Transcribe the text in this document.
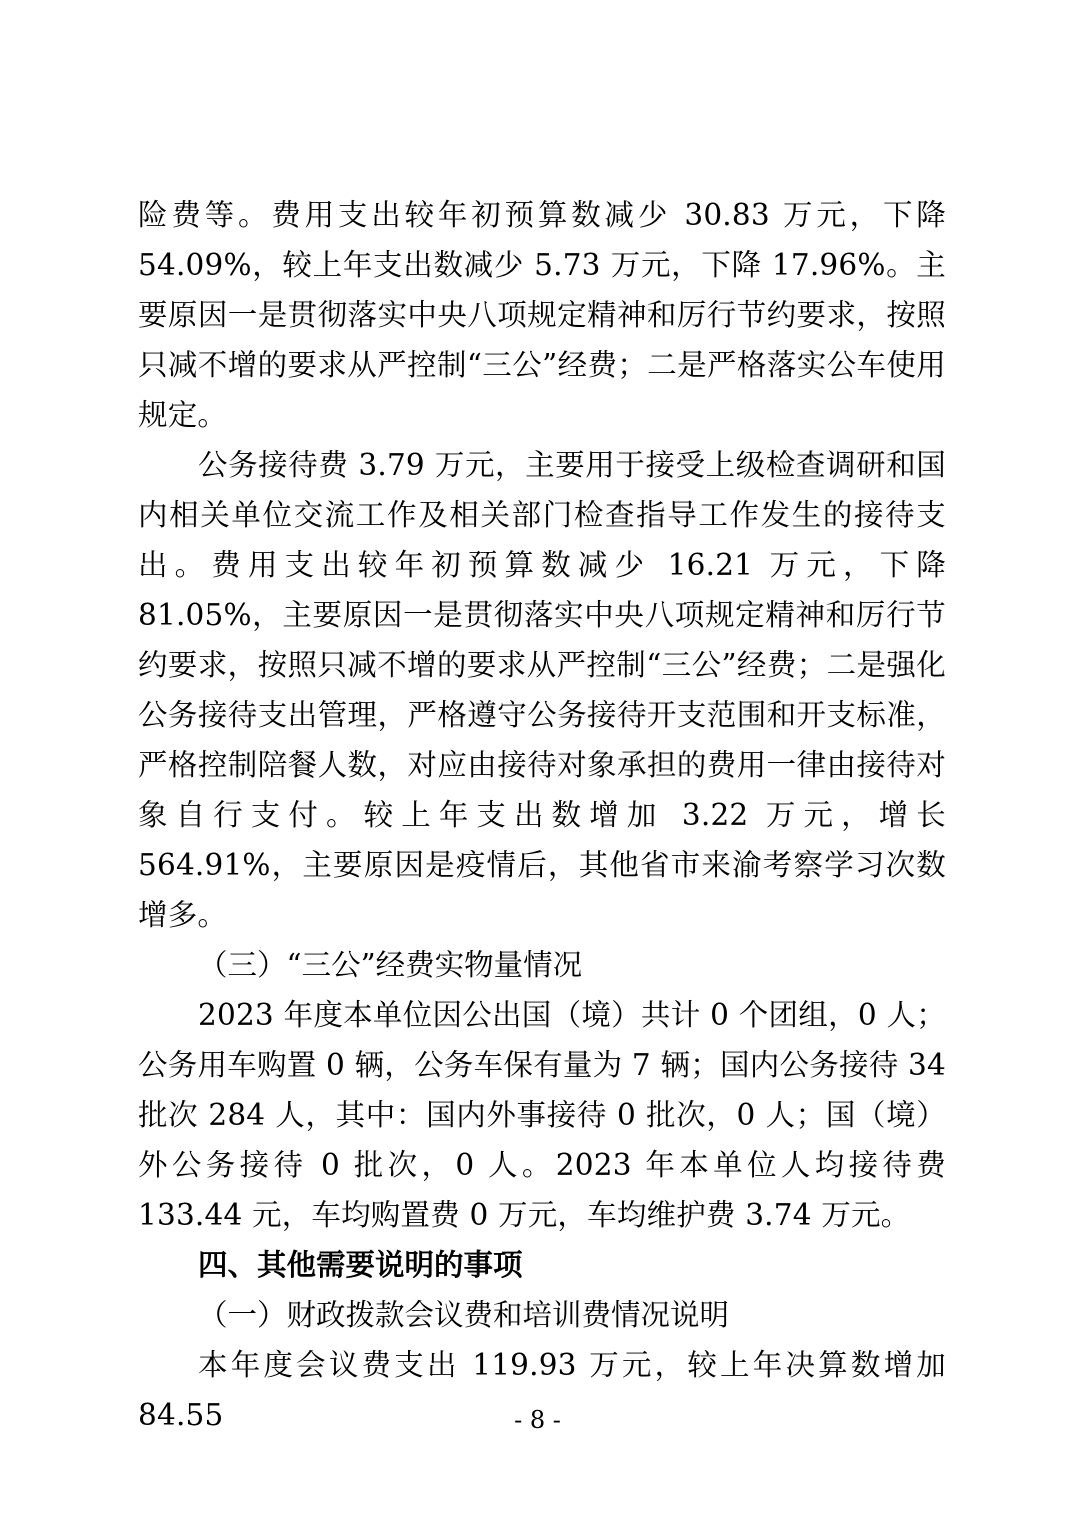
险费等。费用支出较年初预算数减少 30.83 万元，下降 54.09%，较上年支出数减少 5.73 万元，下降 17.96%。主要原因一是贯彻落实中央八项规定精神和厉行节约要求，按照只减不增的要求从严控制“三公”经费；二是严格落实公车使用规定。

公务接待费 3.79 万元，主要用于接受上级检查调研和国内相关单位交流工作及相关部门检查指导工作发生的接待支出。费用支出较年初预算数减少 16.21 万元，下降 81.05%，主要原因一是贯彻落实中央八项规定精神和厉行节约要求，按照只减不增的要求从严控制“三公”经费；二是强化公务接待支出管理，严格遵守公务接待开支范围和开支标准，严格控制陪餐人数，对应由接待对象承担的费用一律由接待对象自行支付。较上年支出数增加 3.22 万元，增长 564.91%，主要原因是疫情后，其他省市来渝考察学习次数增多。

（三）“三公”经费实物量情况

2023 年度本单位因公出国（境）共计 0 个团组，0 人；公务用车购置 0 辆，公务车保有量为 7 辆；国内公务接待 34 批次 284 人，其中：国内外事接待 0 批次，0 人；国（境）外公务接待 0 批次，0 人。2023 年本单位人均接待费 133.44 元，车均购置费 0 万元，车均维护费 3.74 万元。

四、其他需要说明的事项

（一）财政拨款会议费和培训费情况说明

本年度会议费支出 119.93 万元，较上年决算数增加 84.55	- 8 -
